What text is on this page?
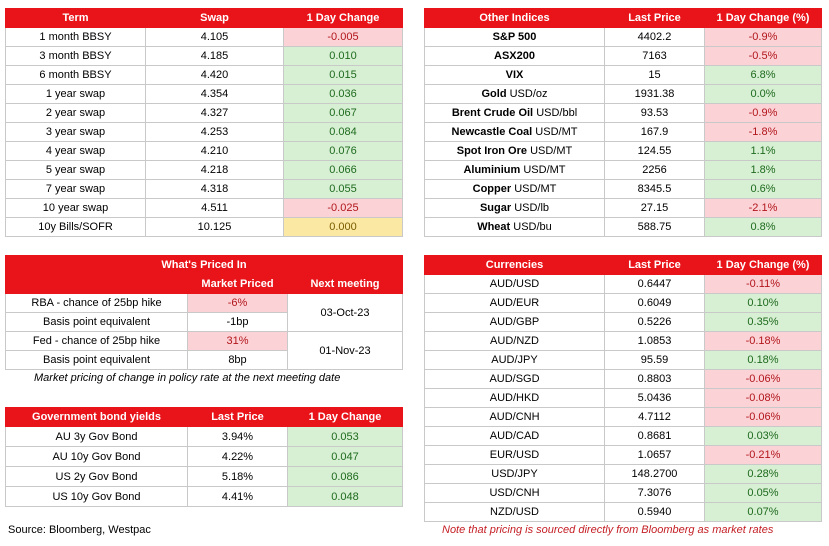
Term	Swap	1 Day Change
1 month BBSY	4.105	-0.005
3 month BBSY	4.185	0.010
6 month BBSY	4.420	0.015
1 year swap	4.354	0.036
2 year swap	4.327	0.067
3 year swap	4.253	0.084
4 year swap	4.210	0.076
5 year swap	4.218	0.066
7 year swap	4.318	0.055
10 year swap	4.511	-0.025
10y Bills/SOFR	10.125	0.000
Other Indices	Last Price	1 Day Change (%)
S&P 500	4402.2	-0.9%
ASX200	7163	-0.5%
VIX	15	6.8%
Gold USD/oz	1931.38	0.0%
Brent Crude Oil USD/bbl	93.53	-0.9%
Newcastle Coal USD/MT	167.9	-1.8%
Spot Iron Ore USD/MT	124.55	1.1%
Aluminium USD/MT	2256	1.8%
Copper USD/MT	8345.5	0.6%
Sugar USD/lb	27.15	-2.1%
Wheat USD/bu	588.75	0.8%
What's Priced In		
	Market Priced	Next meeting
RBA - chance of 25bp hike	-6%	03-Oct-23
Basis point equivalent	-1bp	
Fed - chance of 25bp hike	31%	01-Nov-23
Basis point equivalent	8bp	
Market pricing of change in policy rate at the next meeting date
Government bond yields	Last Price	1 Day Change
AU 3y Gov Bond	3.94%	0.053
AU 10y Gov Bond	4.22%	0.047
US 2y Gov Bond	5.18%	0.086
US 10y Gov Bond	4.41%	0.048
Source: Bloomberg, Westpac
Currencies	Last Price	1 Day Change (%)
AUD/USD	0.6447	-0.11%
AUD/EUR	0.6049	0.10%
AUD/GBP	0.5226	0.35%
AUD/NZD	1.0853	-0.18%
AUD/JPY	95.59	0.18%
AUD/SGD	0.8803	-0.06%
AUD/HKD	5.0436	-0.08%
AUD/CNH	4.7112	-0.06%
AUD/CAD	0.8681	0.03%
EUR/USD	1.0657	-0.21%
USD/JPY	148.2700	0.28%
USD/CNH	7.3076	0.05%
NZD/USD	0.5940	0.07%
Note that pricing is sourced directly from Bloomberg as market rates
